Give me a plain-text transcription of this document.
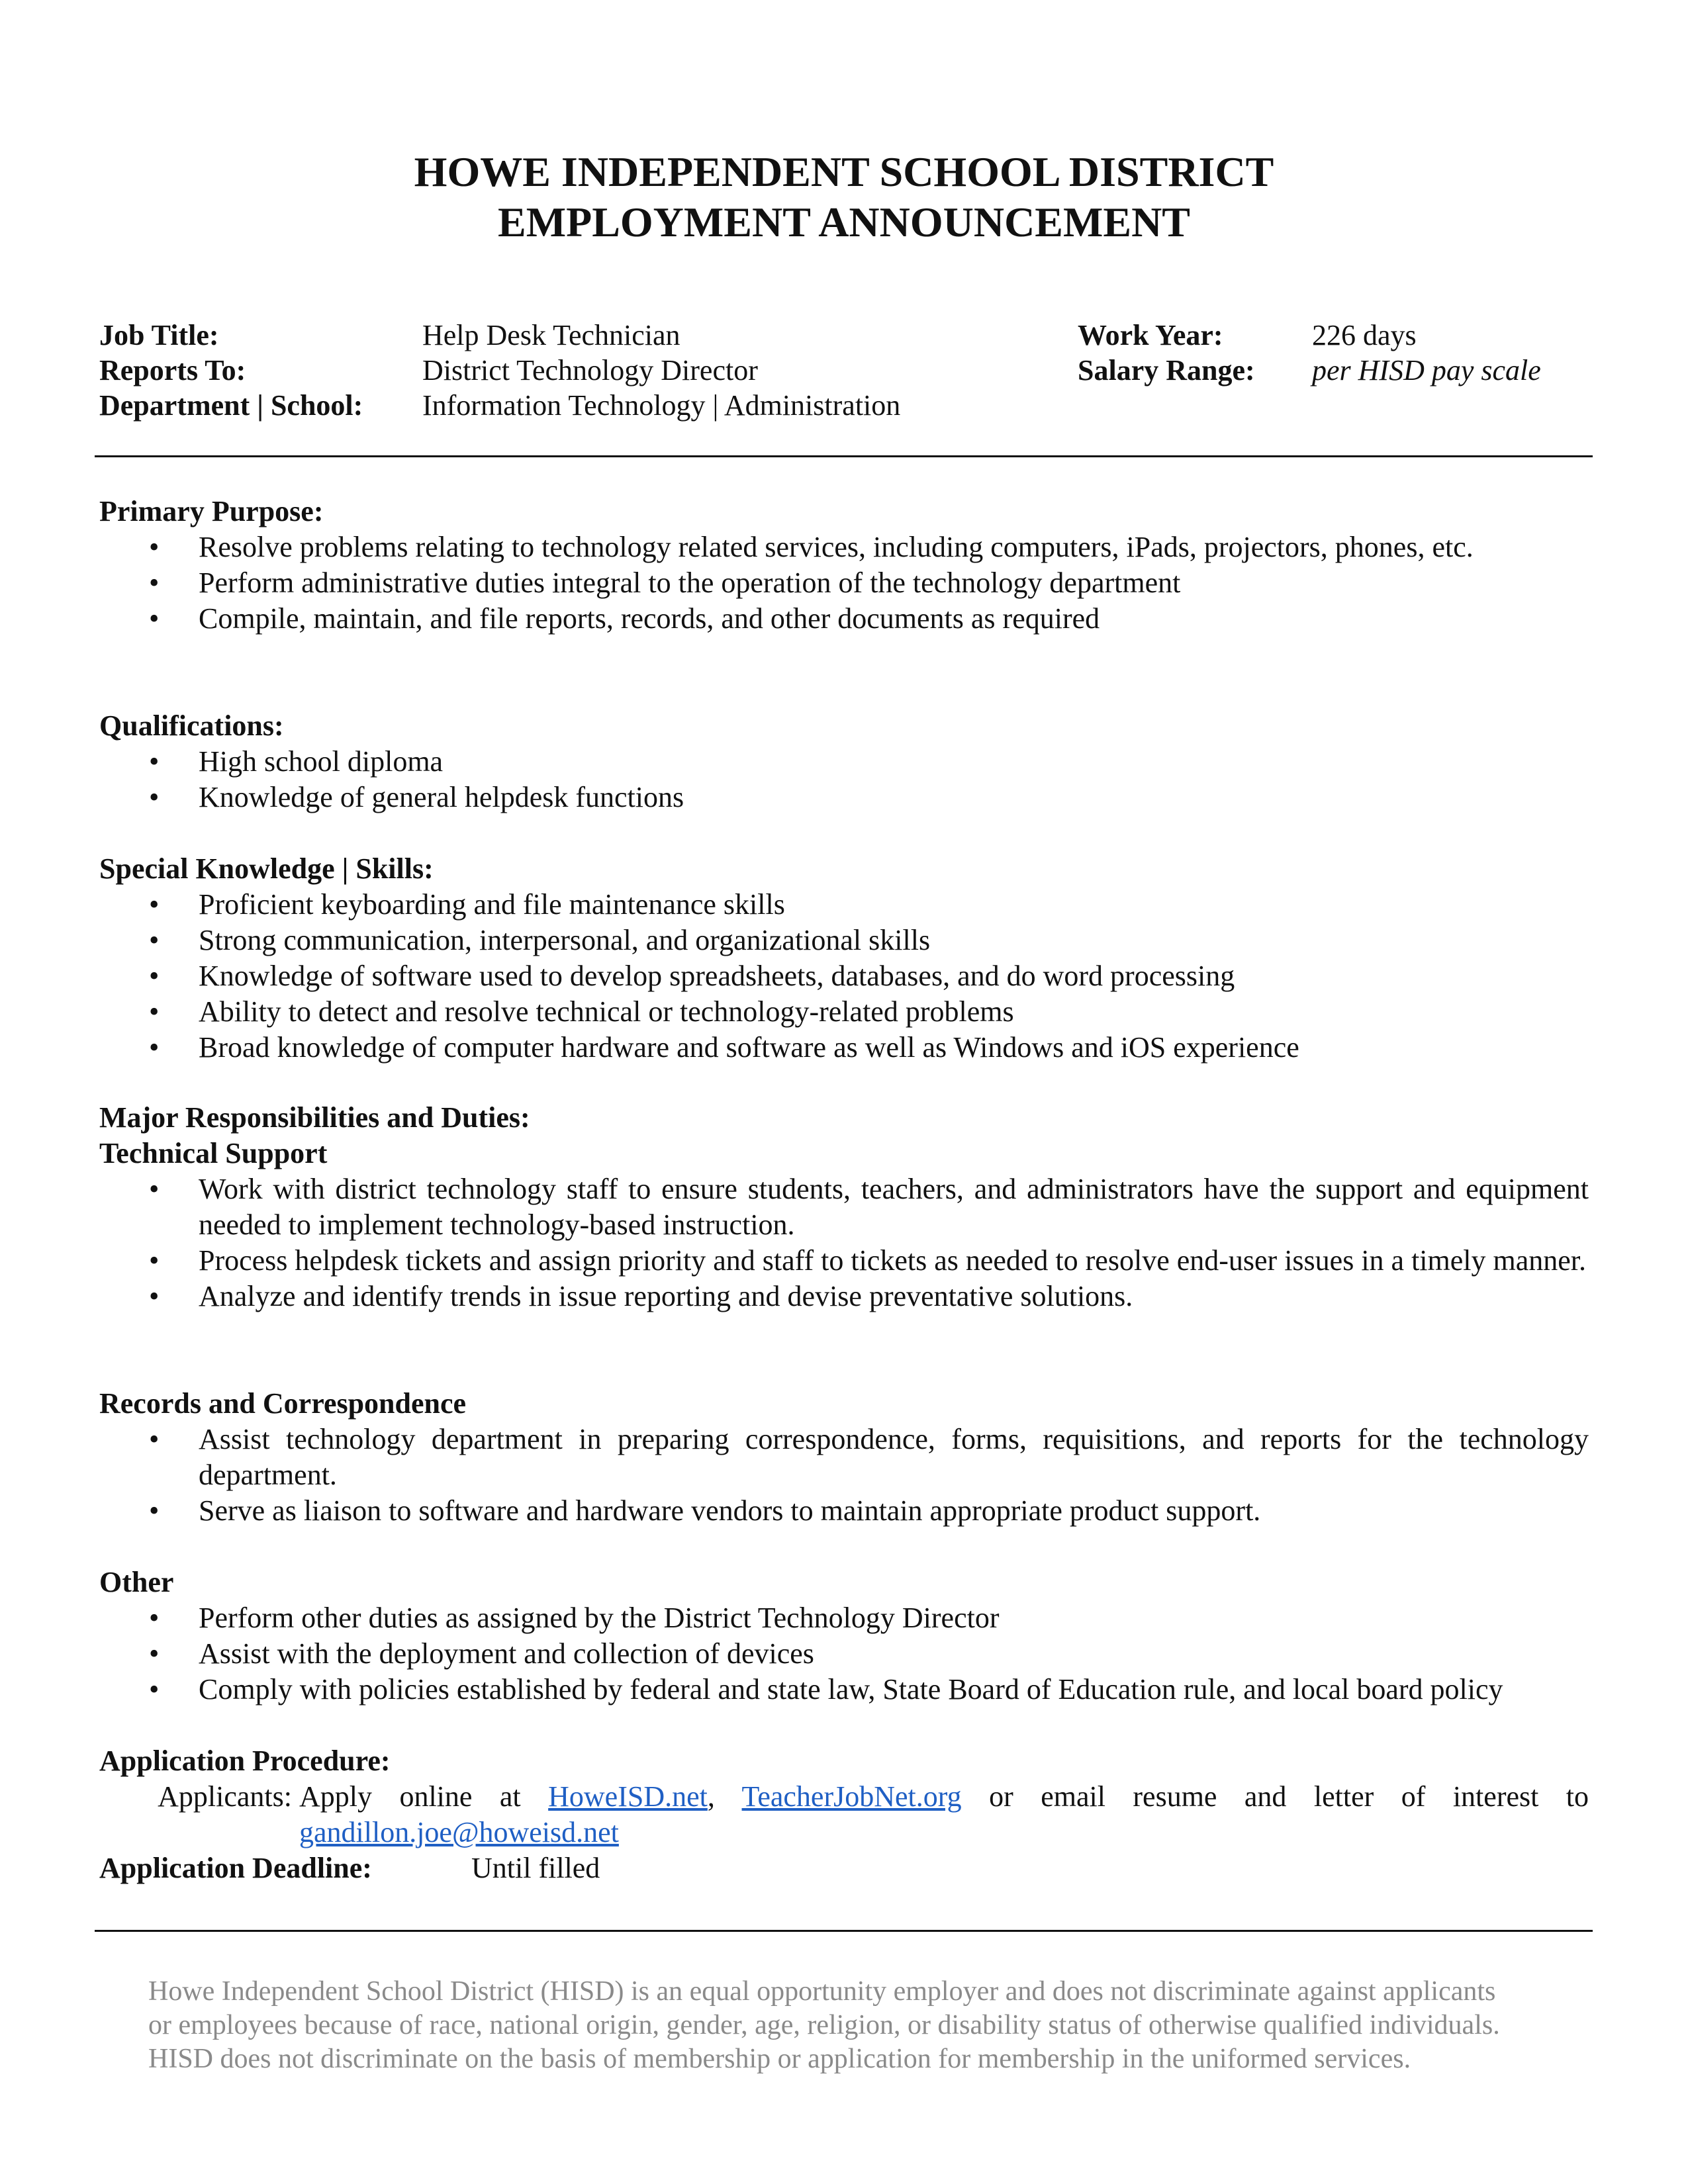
HOWE INDEPENDENT SCHOOL DISTRICT
EMPLOYMENT ANNOUNCEMENT
Job Title:	Help Desk Technician
Reports To:	District Technology Director
Department | School:	Information Technology | Administration
Work Year:	226 days
Salary Range:	per HISD pay scale
Primary Purpose:
• Resolve problems relating to technology related services, including computers, iPads, projectors, phones, etc.
• Perform administrative duties integral to the operation of the technology department
• Compile, maintain, and file reports, records, and other documents as required
Qualifications:
• High school diploma
• Knowledge of general helpdesk functions
Special Knowledge | Skills:
• Proficient keyboarding and file maintenance skills
• Strong communication, interpersonal, and organizational skills
• Knowledge of software used to develop spreadsheets, databases, and do word processing
• Ability to detect and resolve technical or technology-related problems
• Broad knowledge of computer hardware and software as well as Windows and iOS experience
Major Responsibilities and Duties:
Technical Support
• Work with district technology staff to ensure students, teachers, and administrators have the support and equipment needed to implement technology-based instruction.
• Process helpdesk tickets and assign priority and staff to tickets as needed to resolve end-user issues in a timely manner.
• Analyze and identify trends in issue reporting and devise preventative solutions.
Records and Correspondence
• Assist technology department in preparing correspondence, forms, requisitions, and reports for the technology department.
• Serve as liaison to software and hardware vendors to maintain appropriate product support.
Other
• Perform other duties as assigned by the District Technology Director
• Assist with the deployment and collection of devices
• Comply with policies established by federal and state law, State Board of Education rule, and local board policy
Application Procedure:
Applicants: Apply online at HoweISD.net, TeacherJobNet.org or email resume and letter of interest to
gandillon.joe@howeisd.net
Application Deadline:	Until filled
Howe Independent School District (HISD) is an equal opportunity employer and does not discriminate against applicants
or employees because of race, national origin, gender, age, religion, or disability status of otherwise qualified individuals.
HISD does not discriminate on the basis of membership or application for membership in the uniformed services.
